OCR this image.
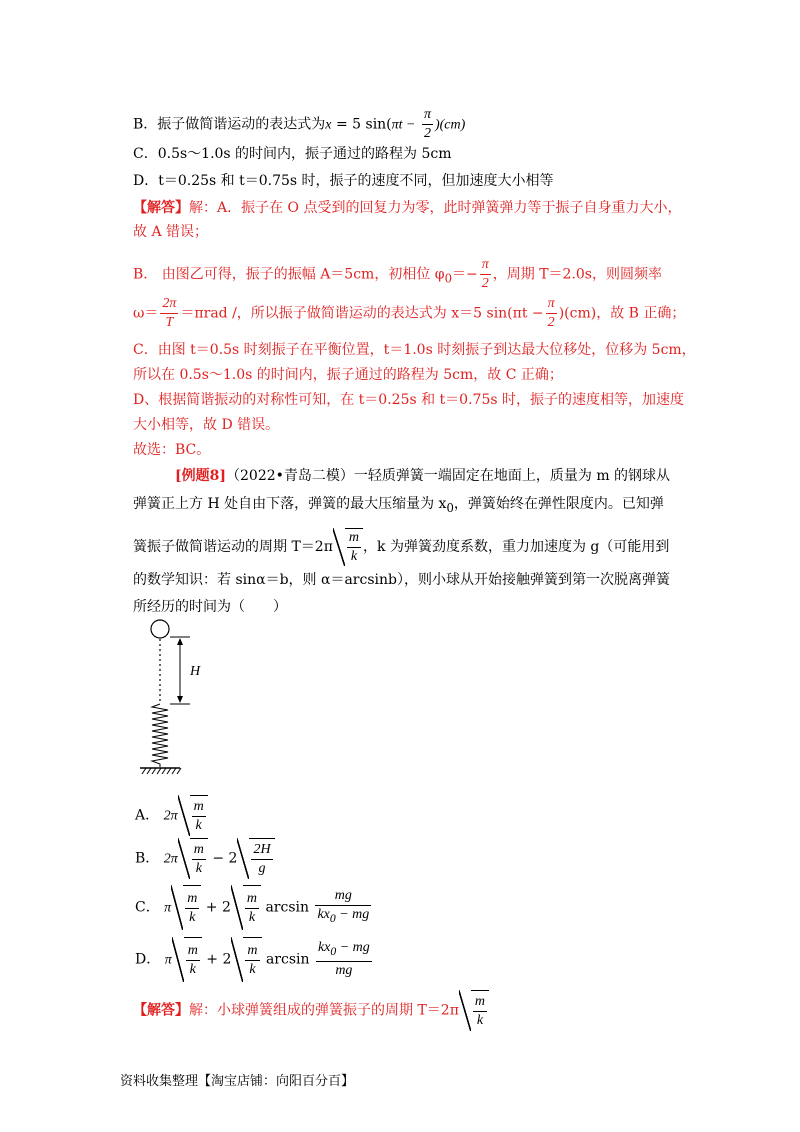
B．振子做简谐运动的表达式为x = 5 $\sin(\pi t - \frac{\pi}{2} )(cm)$
C．0.5s～1.0s 的时间内，振子通过的路程为 5cm
D．t＝0.25s 和 t＝0.75s 时，振子的速度不同，但加速度大小相等
【解答】解：A．振子在 O 点受到的回复力为零，此时弹簧弹力等于振子自身重力大小，
故 A 错误；
B． 由图乙可得，振子的振幅 A＝5cm，初相位 $\varphi_0=- \frac{\pi}{2}$ ，周期 T＝2.0s，则圆频率
$\omega= \frac{2\pi}{T} =\pi rad$ /，所以振子做简谐运动的表达式为 x＝5 $\sin(\pi t - \frac{\pi}{2} )(cm)$，故 B 正确；
C．由图 t＝0.5s 时刻振子在平衡位置，t＝1.0s 时刻振子到达最大位移处，位移为 5cm，
所以在 0.5s～1.0s 的时间内，振子通过的路程为 5cm，故 C 正确；
D、根据简谐振动的对称性可知，在 t＝0.25s 和 t＝0.75s 时，振子的速度相等，加速度
大小相等，故 D 错误。
故选：BC。
[例题8]（2022•青岛二模）一轻质弹簧一端固定在地面上，质量为 m 的钢球从
弹簧正上方 H 处自由下落，弹簧的最大压缩量为 $x_0$，弹簧始终在弹性限度内。已知弹
簧振子做简谐运动的周期 $T=2\pi \frac{m}{k}$ ，k 为弹簧劲度系数，重力加速度为 g（可能用到
的数学知识：若 sinα＝b，则 α＝arcsinb），则小球从开始接触弹簧到第一次脱离弹簧
所经历的时间为（　　）
H
A． $2\pi \frac{m}{k}$
B． $2\pi \frac{m}{k} - 2 \frac{2H}{g}$
C． π $\frac{m}{k} + 2 \frac{m}{k}$ $\arcsin \frac{mg}{kx_0 - mg}$
D． π $\frac{m}{k} + 2 \frac{m}{k}$ $\arcsin \frac{kx_0 - mg}{mg}$
【解答】解：小球弹簧组成的弹簧振子的周期 $T=2\pi \frac{m}{k}$
资料收集整理【淘宝店铺：向阳百分百】
